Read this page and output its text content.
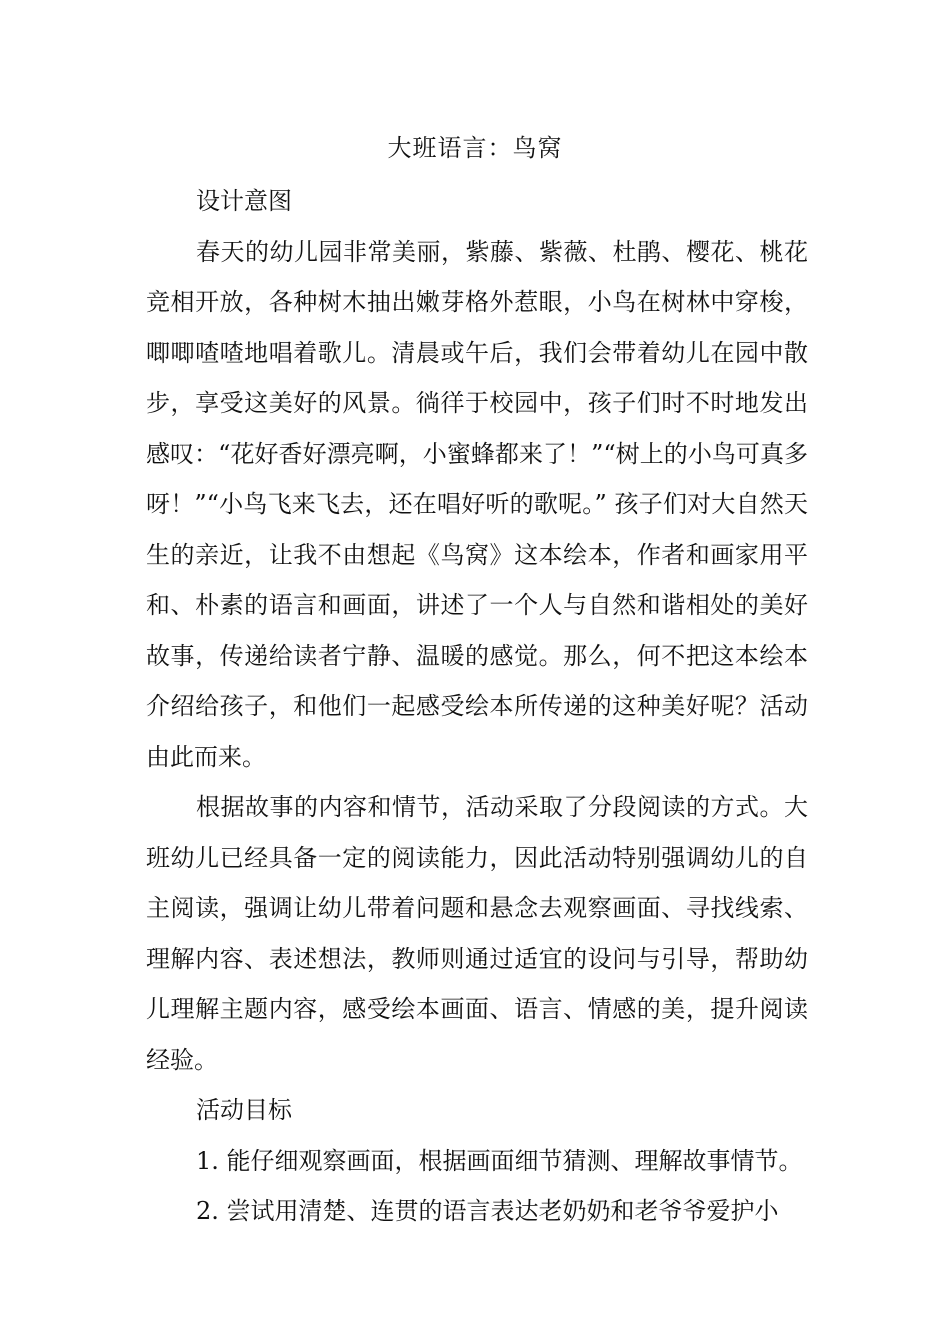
大班语言：鸟窝

设计意图

春天的幼儿园非常美丽，紫藤、紫薇、杜鹃、樱花、桃花竞相开放，各种树木抽出嫩芽格外惹眼，小鸟在树林中穿梭，唧唧喳喳地唱着歌儿。清晨或午后，我们会带着幼儿在园中散步，享受这美好的风景。徜徉于校园中，孩子们时不时地发出感叹：“花好香好漂亮啊，小蜜蜂都来了！”“树上的小鸟可真多呀！”“小鸟飞来飞去，还在唱好听的歌呢。” 孩子们对大自然天生的亲近，让我不由想起《鸟窝》这本绘本，作者和画家用平和、朴素的语言和画面，讲述了一个人与自然和谐相处的美好故事，传递给读者宁静、温暖的感觉。那么，何不把这本绘本介绍给孩子，和他们一起感受绘本所传递的这种美好呢？活动由此而来。

根据故事的内容和情节，活动采取了分段阅读的方式。大班幼儿已经具备一定的阅读能力，因此活动特别强调幼儿的自主阅读，强调让幼儿带着问题和悬念去观察画面、寻找线索、理解内容、表述想法，教师则通过适宜的设问与引导，帮助幼儿理解主题内容，感受绘本画面、语言、情感的美，提升阅读经验。

活动目标

1. 能仔细观察画面，根据画面细节猜测、理解故事情节。

2. 尝试用清楚、连贯的语言表达老奶奶和老爷爷爱护小
